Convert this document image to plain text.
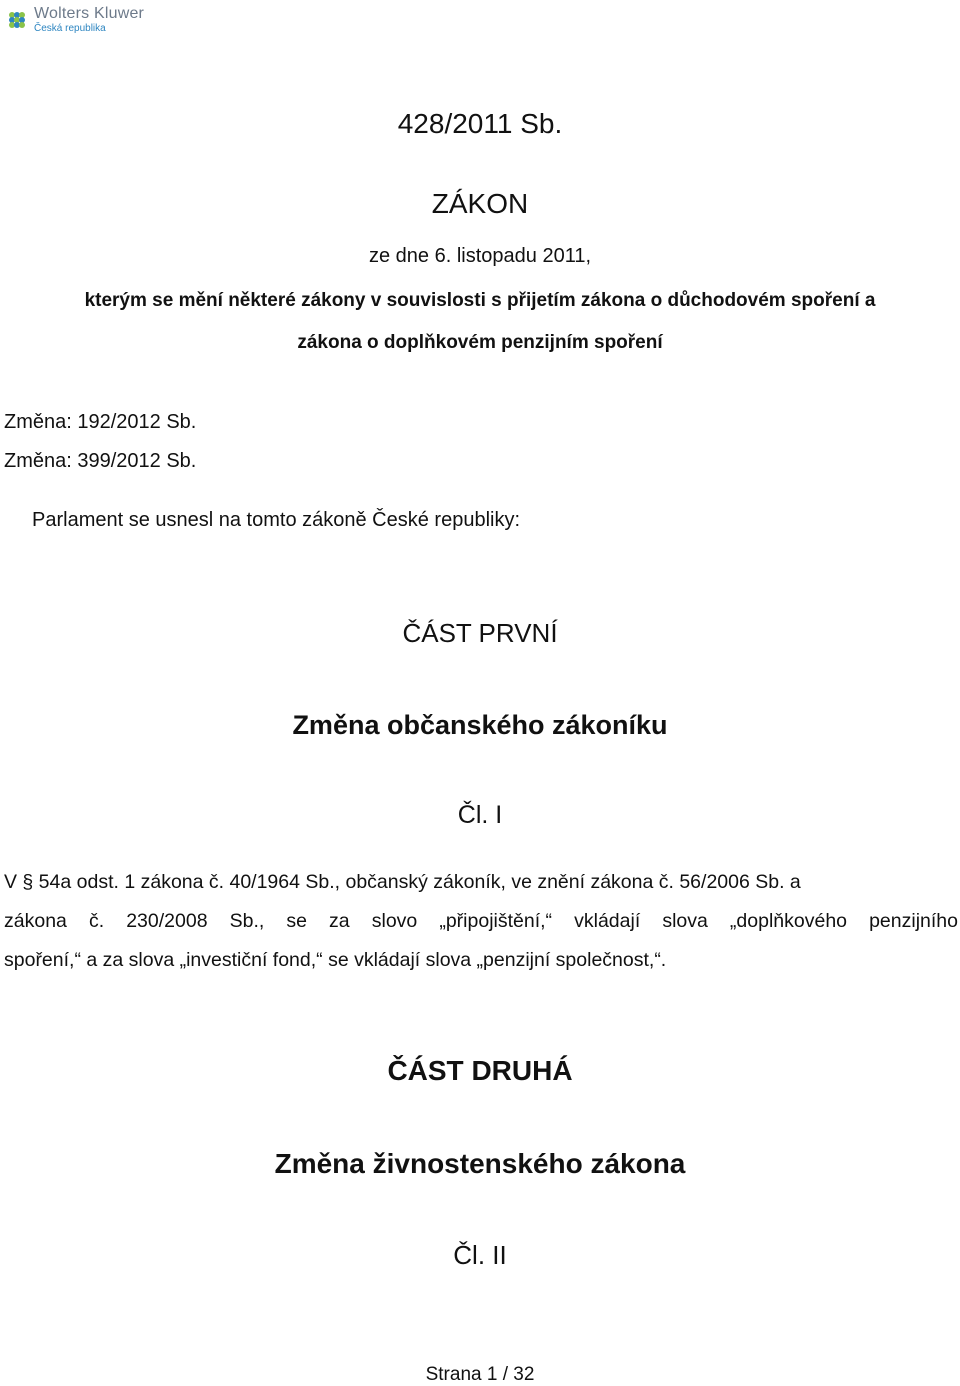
Wolters Kluwer
Česká republika
428/2011 Sb.
ZÁKON
ze dne 6. listopadu 2011,
kterým se mění některé zákony v souvislosti s přijetím zákona o důchodovém spoření a
zákona o doplňkovém penzijním spoření
Změna: 192/2012 Sb.
Změna: 399/2012 Sb.
Parlament se usnesl na tomto zákoně České republiky:
ČÁST PRVNÍ
Změna občanského zákoníku
Čl. I
V § 54a odst. 1 zákona č. 40/1964 Sb., občanský zákoník, ve znění zákona č. 56/2006 Sb. a
zákona č. 230/2008 Sb., se za slovo „připojištění,“ vkládají slova „doplňkového penzijního
spoření,“ a za slova „investiční fond,“ se vkládají slova „penzijní společnost,“.
ČÁST DRUHÁ
Změna živnostenského zákona
Čl. II
Strana 1 / 32
